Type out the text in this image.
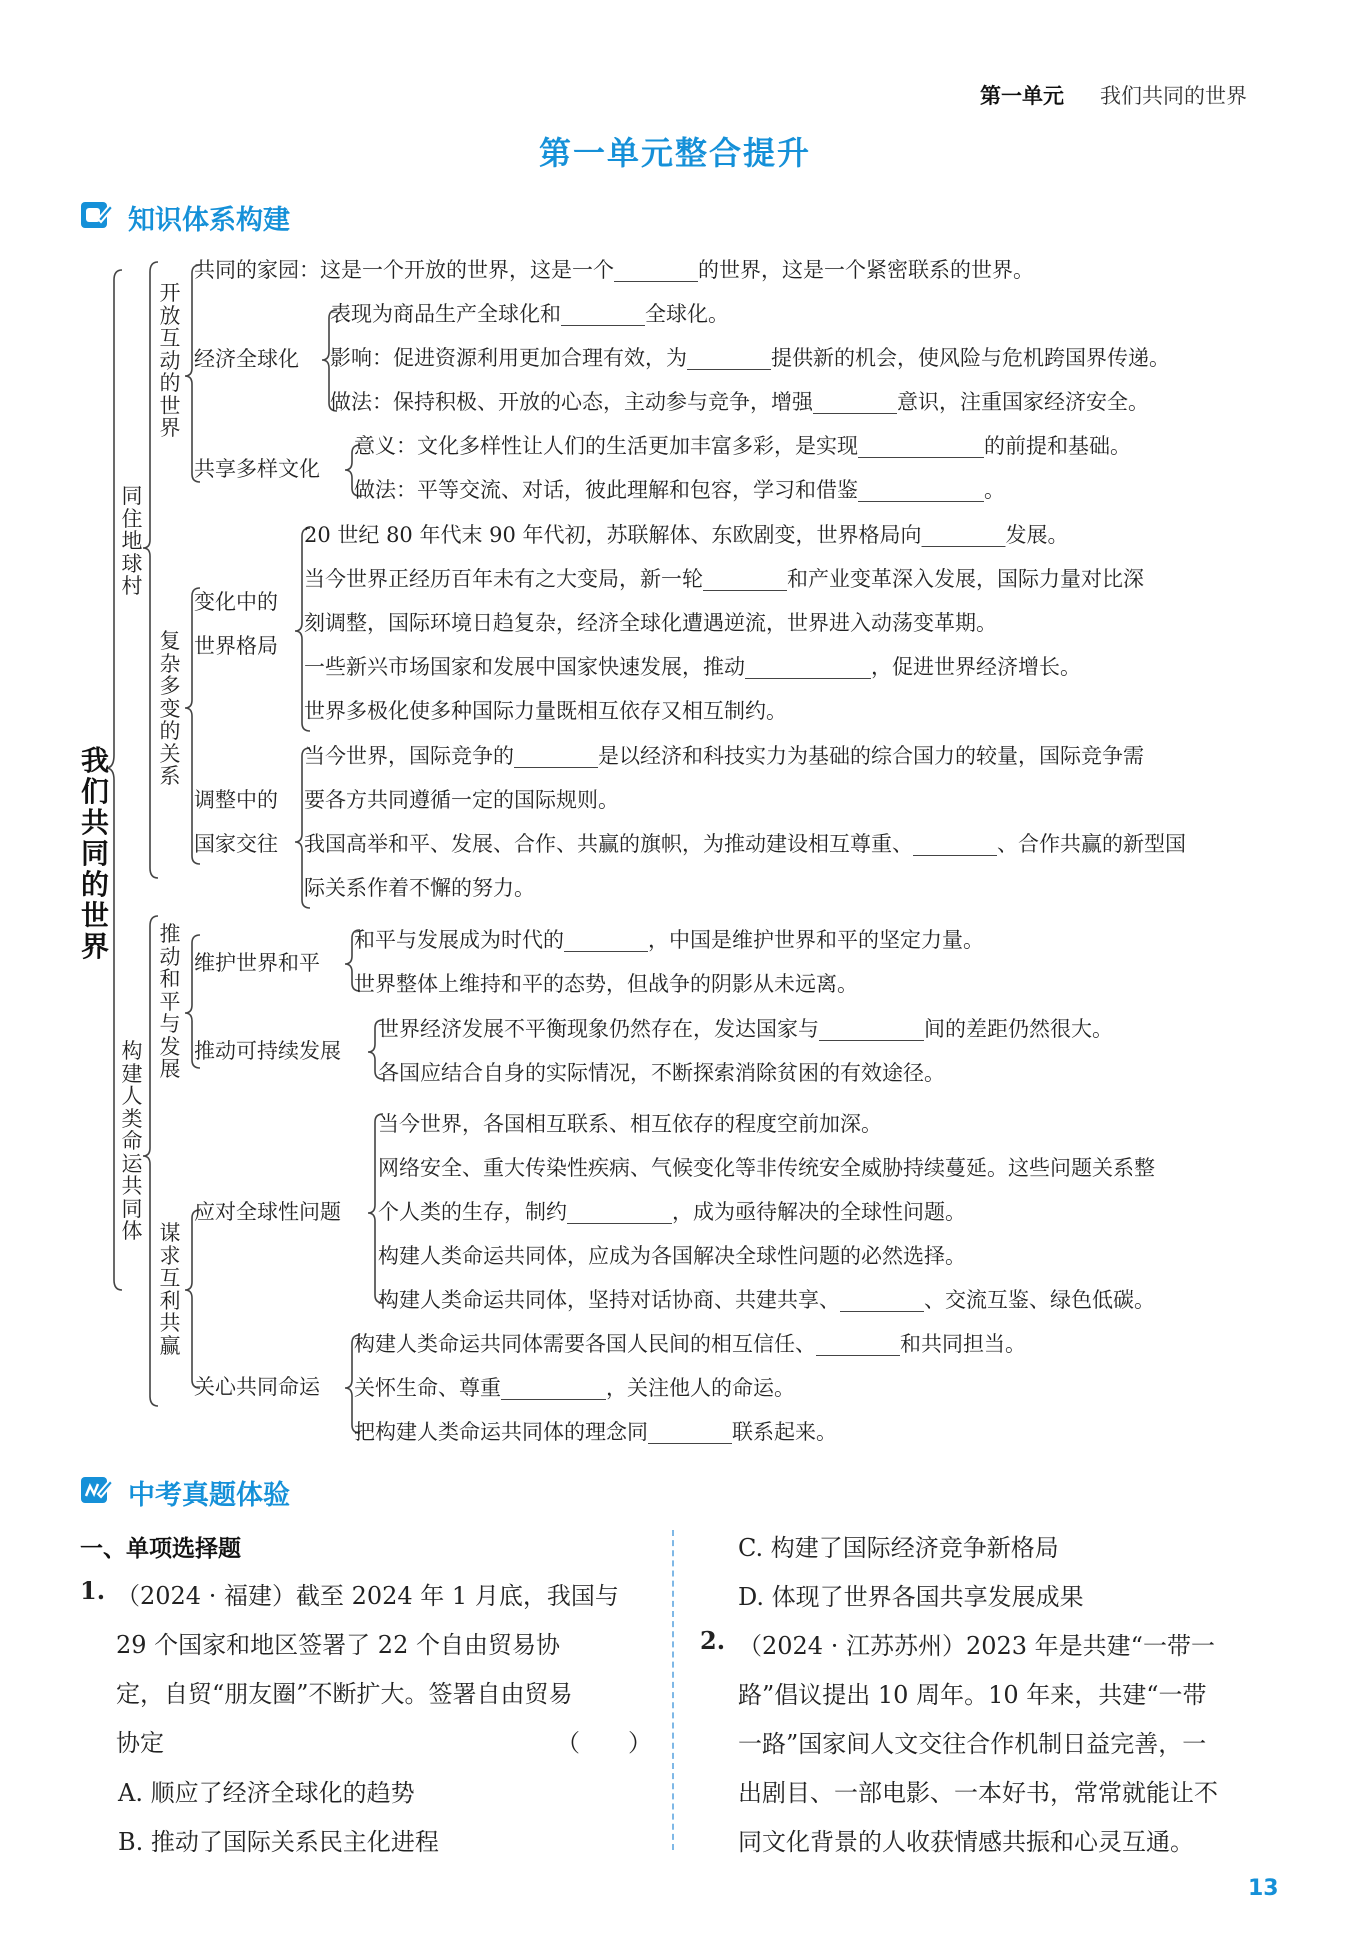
第一单元 我们共同的世界
第一单元整合提升
知识体系构建
我们共同的世界
同住地球村
构建人类命运共同体
开放互动的世界
复杂多变的关系
推动和平与发展
谋求互利共赢
经济全球化
共享多样文化
变化中的
世界格局
调整中的
国家交往
维护世界和平
推动可持续发展
应对全球性问题
关心共同命运
共同的家园：这是一个开放的世界，这是一个________的世界，这是一个紧密联系的世界。
表现为商品生产全球化和________全球化。
影响：促进资源利用更加合理有效，为________提供新的机会，使风险与危机跨国界传递。
做法：保持积极、开放的心态，主动参与竞争，增强________意识，注重国家经济安全。
意义：文化多样性让人们的生活更加丰富多彩，是实现____________的前提和基础。
做法：平等交流、对话，彼此理解和包容，学习和借鉴____________。
20 世纪 80 年代末 90 年代初，苏联解体、东欧剧变，世界格局向________发展。
当今世界正经历百年未有之大变局，新一轮________和产业变革深入发展，国际力量对比深
刻调整，国际环境日趋复杂，经济全球化遭遇逆流，世界进入动荡变革期。
一些新兴市场国家和发展中国家快速发展，推动____________，促进世界经济增长。
世界多极化使多种国际力量既相互依存又相互制约。
当今世界，国际竞争的________是以经济和科技实力为基础的综合国力的较量，国际竞争需
要各方共同遵循一定的国际规则。
我国高举和平、发展、合作、共赢的旗帜，为推动建设相互尊重、________、合作共赢的新型国
际关系作着不懈的努力。
和平与发展成为时代的________，中国是维护世界和平的坚定力量。
世界整体上维持和平的态势，但战争的阴影从未远离。
世界经济发展不平衡现象仍然存在，发达国家与__________间的差距仍然很大。
各国应结合自身的实际情况，不断探索消除贫困的有效途径。
当今世界，各国相互联系、相互依存的程度空前加深。
网络安全、重大传染性疾病、气候变化等非传统安全威胁持续蔓延。这些问题关系整
个人类的生存，制约__________，成为亟待解决的全球性问题。
构建人类命运共同体，应成为各国解决全球性问题的必然选择。
构建人类命运共同体，坚持对话协商、共建共享、________、交流互鉴、绿色低碳。
构建人类命运共同体需要各国人民间的相互信任、________和共同担当。
关怀生命、尊重__________，关注他人的命运。
把构建人类命运共同体的理念同________联系起来。
中考真题体验
一、单项选择题
1. （2024 · 福建）截至 2024 年 1 月底，我国与
29 个国家和地区签署了 22 个自由贸易协
定，自贸“朋友圈”不断扩大。签署自由贸易
协定	（　　）
A. 顺应了经济全球化的趋势
B. 推动了国际关系民主化进程
C. 构建了国际经济竞争新格局
D. 体现了世界各国共享发展成果
2. （2024 · 江苏苏州）2023 年是共建“一带一
路”倡议提出 10 周年。10 年来，共建“一带
一路”国家间人文交往合作机制日益完善，一
出剧目、一部电影、一本好书，常常就能让不
同文化背景的人收获情感共振和心灵互通。
13
